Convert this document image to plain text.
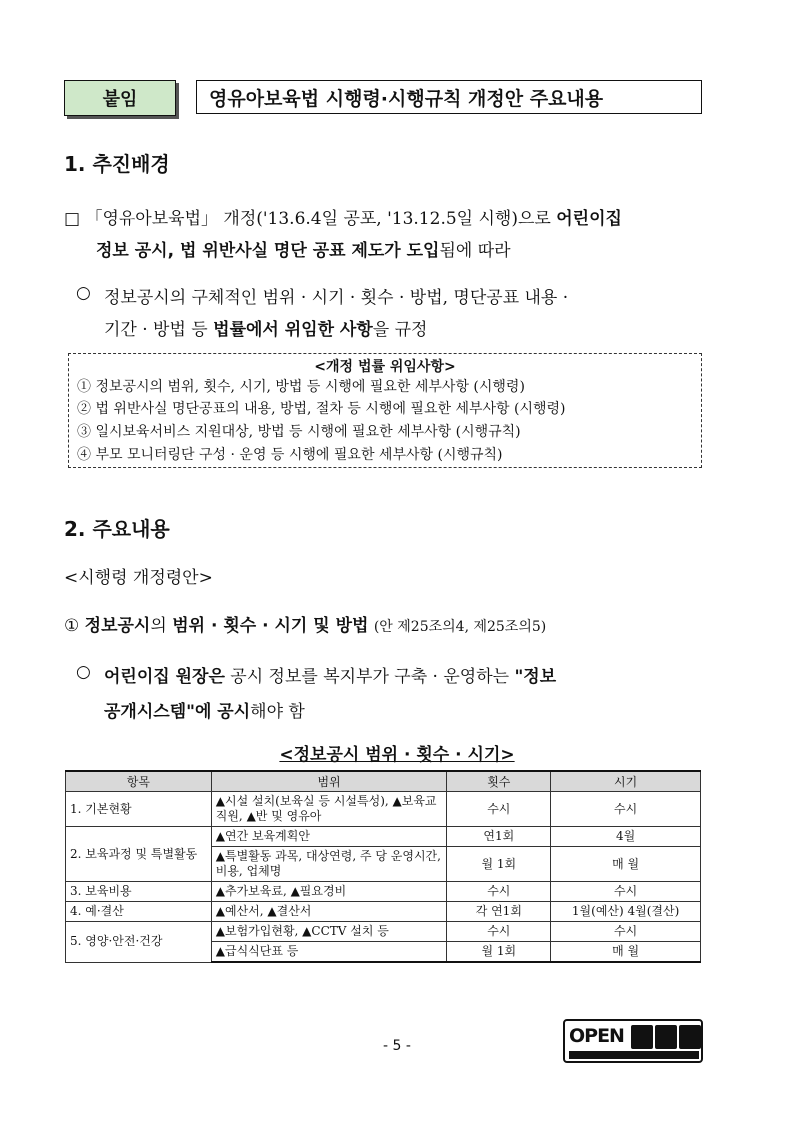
붙임	영유아보육법 시행령·시행규칙 개정안 주요내용
1. 추진배경
□ 「영유아보육법」 개정('13.6.4일 공포, '13.12.5일 시행)으로 어린이집
정보 공시, 법 위반사실 명단 공표 제도가 도입됨에 따라
○ 정보공시의 구체적인 범위 · 시기 · 횟수 · 방법, 명단공표 내용 ·
기간 · 방법 등 법률에서 위임한 사항을 규정
<개정 법률 위임사항>
① 정보공시의 범위, 횟수, 시기, 방법 등 시행에 필요한 세부사항 (시행령)
② 법 위반사실 명단공표의 내용, 방법, 절차 등 시행에 필요한 세부사항 (시행령)
③ 일시보육서비스 지원대상, 방법 등 시행에 필요한 세부사항 (시행규칙)
④ 부모 모니터링단 구성 · 운영 등 시행에 필요한 세부사항 (시행규칙)
2. 주요내용
<시행령 개정령안>
① 정보공시의 범위 · 횟수 · 시기 및 방법 (안 제25조의4, 제25조의5)
○ 어린이집 원장은 공시 정보를 복지부가 구축 · 운영하는 "정보
공개시스템"에 공시해야 함
<정보공시 범위 · 횟수 · 시기>
항목	범위	횟수	시기
1. 기본현황	▲시설 설치(보육실 등 시설특성), ▲보육교직원, ▲반 및 영유아	수시	수시
2. 보육과정 및 특별활동	▲연간 보육계획안	연1회	4월
	▲특별활동 과목, 대상연령, 주 당 운영시간, 비용, 업체명	월 1회	매 월
3. 보육비용	▲추가보육료, ▲필요경비	수시	수시
4. 예·결산	▲예산서, ▲결산서	각 연1회	1월(예산) 4월(결산)
5. 영양·안전·건강	▲보험가입현황, ▲CCTV 설치 등	수시	수시
	▲급식식단표 등	월 1회	매 월
- 5 -	OPEN
